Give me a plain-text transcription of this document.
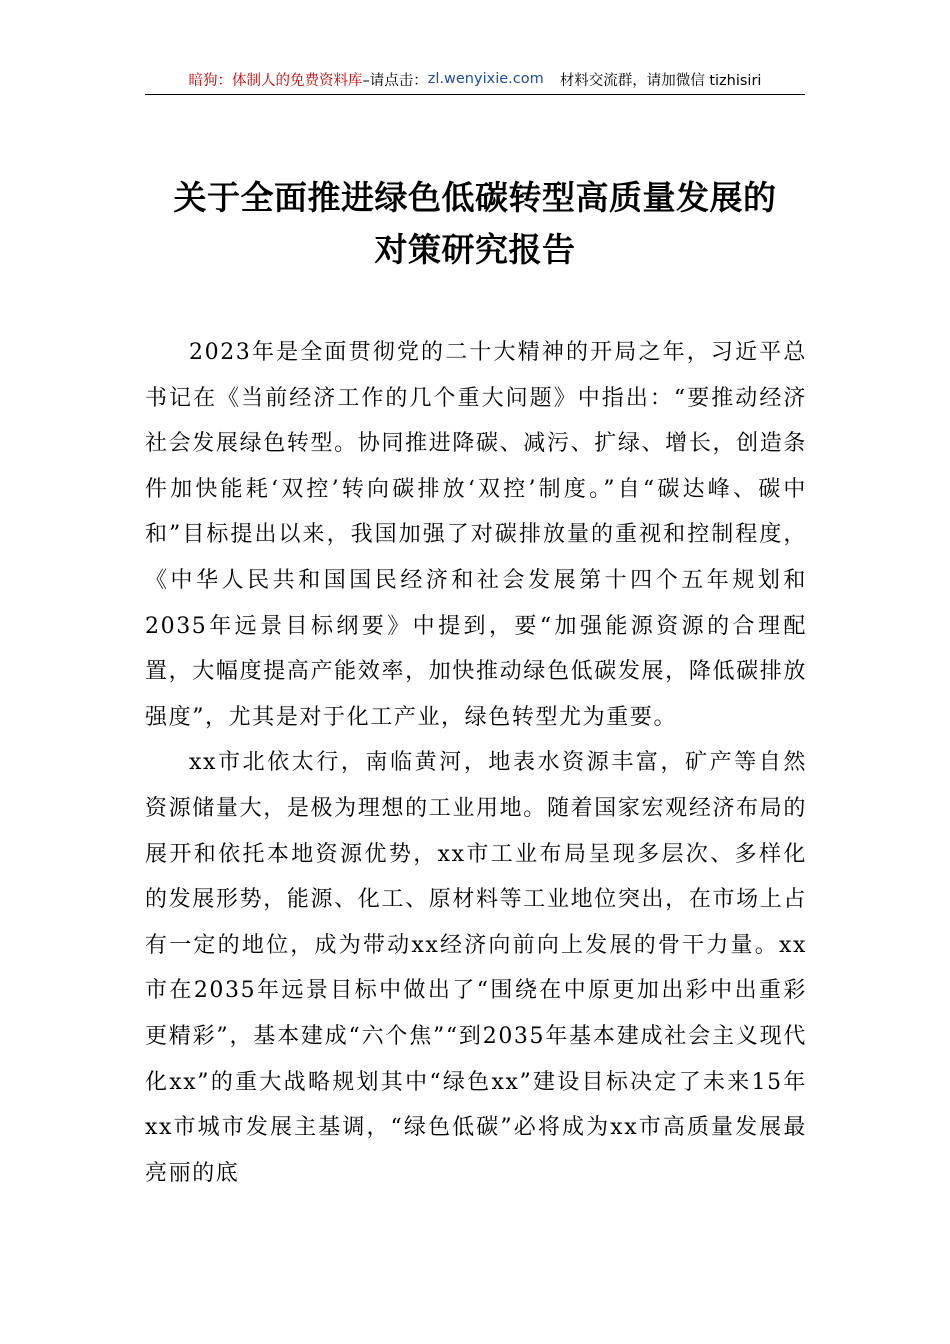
暗狗：体制人的免费资料库 –请点击： zl.wenyixie.com 材料交流群，请加微信 tizhisiri
关于全面推进绿色低碳转型高质量发展的
对策研究报告

2023年是全面贯彻党的二十大精神的开局之年，习近平总书记在《当前经济工作的几个重大问题》中指出：“要推动经济社会发展绿色转型。协同推进降碳、减污、扩绿、增长，创造条件加快能耗‘双控’转向碳排放‘双控’制度。”自“碳达峰、碳中和”目标提出以来，我国加强了对碳排放量的重视和控制程度，《中华人民共和国国民经济和社会发展第十四个五年规划和2035年远景目标纲要》中提到，要“加强能源资源的合理配置，大幅度提高产能效率，加快推动绿色低碳发展，降低碳排放强度”，尤其是对于化工产业，绿色转型尤为重要。

xx市北依太行，南临黄河，地表水资源丰富，矿产等自然资源储量大，是极为理想的工业用地。随着国家宏观经济布局的展开和依托本地资源优势，xx市工业布局呈现多层次、多样化的发展形势，能源、化工、原材料等工业地位突出，在市场上占有一定的地位，成为带动xx经济向前向上发展的骨干力量。xx市在2035年远景目标中做出了“围绕在中原更加出彩中出重彩更精彩”，基本建成“六个焦”“到2035年基本建成社会主义现代化xx”的重大战略规划其中“绿色xx”建设目标决定了未来15年xx市城市发展主基调，“绿色低碳”必将成为xx市高质量发展最亮丽的底
